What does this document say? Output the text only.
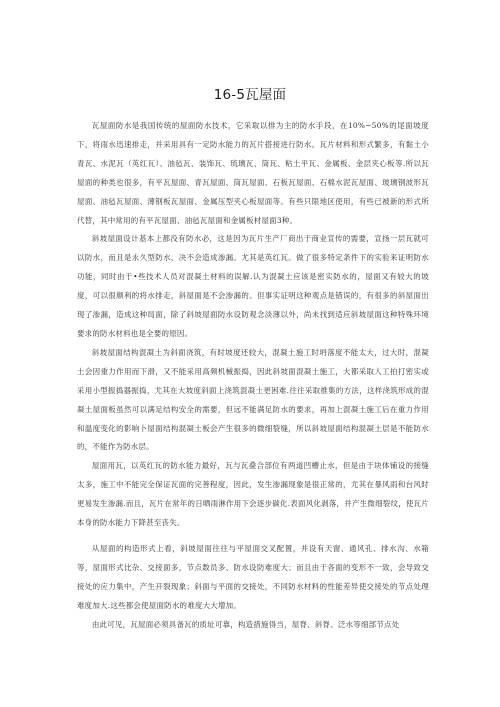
16-5瓦屋面

瓦屋面防水是我国传统的屋面防水技术，它采取以排为主的防水手段，在10%~50%的尾面坡度下，将雨水迅速排走，并采用具有一定防水能力的瓦片搭接进行防水。瓦片材料和形式繁多，有黏土小青瓦、水泥瓦（英红瓦）、油毡瓦、装饰瓦、琉璃瓦、筒瓦、粘土平瓦、金属板、金层夹心板等.所以瓦屋面的种类也很多，有平瓦屋面、青瓦屋面、筒瓦屋面、石板瓦屋面、石棉水泥瓦屋面、玻璃钢波形瓦屋面、油毡瓦屋面、薄钢板瓦屋面、金属压型夹心板屋面等。有些只限地区使用，有些已被新的形式所代替，其中常用的有平瓦屋面、油毡瓦屋面和金属板材屋面3种。

斜坡屋面设计基本上都没有防水必，这是因为瓦片生产厂商出于商业宣传的需要，宣扬一层瓦就可以防水，而且是永久型防水，决不会造成渗漏。尤其是英红瓦。做了很多特定条件下的实验来证明防水功能，同时由于•些技术人员对混凝土材料的误解.认为混凝土应该是密实防水的，屋面又有较大的坡度，可以很顺利的将水排走，斜屋面是不会渗漏的。但事实证明这种观点是错误的，有很多的斜屋面出现了渗漏，造成这种局面，除了斜坡屋面防水设防观念淡薄以外，尚未找到适应斜坡屋面这种特殊环境要求的防水材料也是全要的原因。

斜坡屋面结构混凝土为斜面浇筑，有时坡度还较大，混凝土施工时坍落度不能太大，过大时，混凝土会因重力作用而下滑，又不能采用高频机械振捣，因此斜坡面混凝土施工，大都采取人工拍打密实或采用小型振捣器振捣，尤其在大坡度斜面上浇筑混凝土更困难.往往采取推集的方法，这样浇筑形成的混凝土屋面板虽然可以满足结构安全的需要，但远不能满足防水的要求，再加上混凝土施工后在重力作用和温度变化的影响卜屋面结构混凝土板会产生很多的微细裂缝，所以斜坡屋面结构混凝土层是不能防水的，不能作为防水层。

屋面用瓦，以英红瓦的防水能力最好，瓦与瓦叠合部位有两道凹槽止水，但是由于块体铺设的接缝太多，施工中不能完全保证瓦面的完善程度，因此，发生渗漏现象是很正常的，尤其在暴风雨和台风时更易发生渗漏.而且，瓦片在常年的日晒雨淋作用下会逐步碳化.表面风化剥落，并产生微细裂纹，使瓦片本身的防水能力下降甚至丧失。

从屋面的构造形式上看，斜坡屋面往往与平屋面交叉配置，并设有天窗、通风孔、排水沟、水箱等，屋面形式比杂、交接面多，节点数员多、防水设防难度大；而且由于各面的变形不一致，会导致交接处的应力集中，产生开裂现象；斜面与平面的交接处，不同防水材料的性能差异使交接处的节点处理难度加大.这些都会使屋面防水的难度大大增加。

由此可见，瓦屋面必须具备瓦的质址可靠，构造措施得当，屋脊、斜脊、泛水等细部节点处
